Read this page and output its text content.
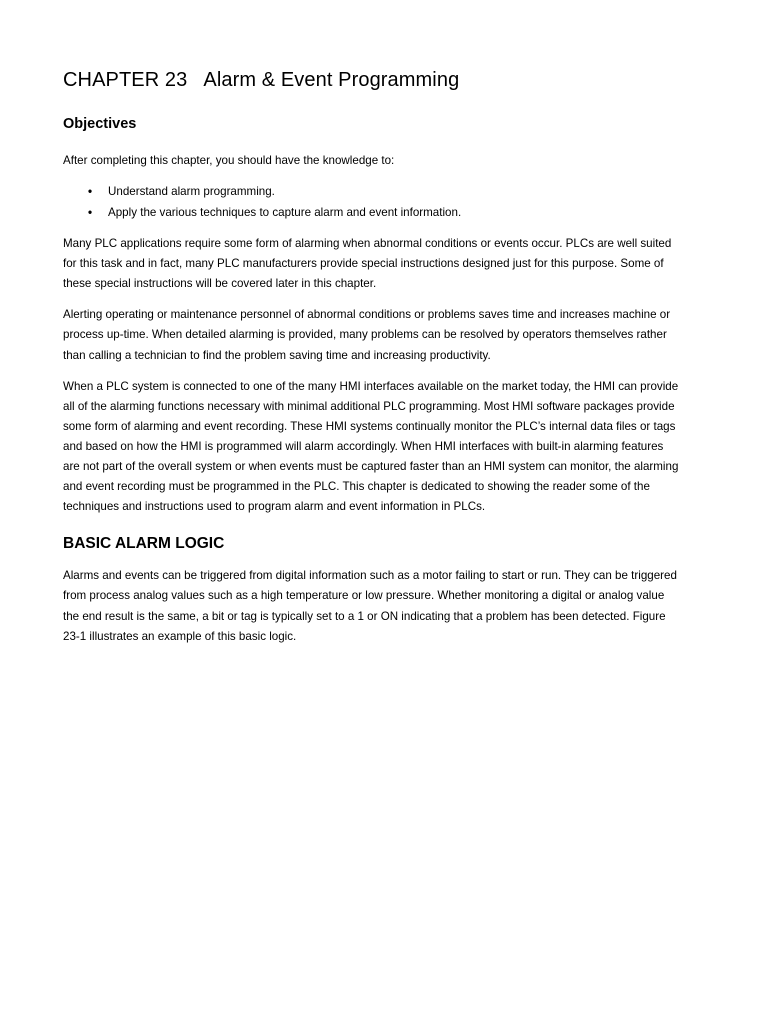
CHAPTER 23 Alarm & Event Programming
Objectives

After completing this chapter, you should have the knowledge to:

•	Understand alarm programming.
•	Apply the various techniques to capture alarm and event information.

Many PLC applications require some form of alarming when abnormal conditions or events occur. PLCs are well suited for this task and in fact, many PLC manufacturers provide special instructions designed just for this purpose. Some of these special instructions will be covered later in this chapter.

Alerting operating or maintenance personnel of abnormal conditions or problems saves time and increases machine or process up-time. When detailed alarming is provided, many problems can be resolved by operators themselves rather than calling a technician to find the problem saving time and increasing productivity.

When a PLC system is connected to one of the many HMI interfaces available on the market today, the HMI can provide all of the alarming functions necessary with minimal additional PLC programming. Most HMI software packages provide some form of alarming and event recording. These HMI systems continually monitor the PLC’s internal data files or tags and based on how the HMI is programmed will alarm accordingly. When HMI interfaces with built-in alarming features are not part of the overall system or when events must be captured faster than an HMI system can monitor, the alarming and event recording must be programmed in the PLC. This chapter is dedicated to showing the reader some of the techniques and instructions used to program alarm and event information in PLCs.

BASIC ALARM LOGIC

Alarms and events can be triggered from digital information such as a motor failing to start or run. They can be triggered from process analog values such as a high temperature or low pressure. Whether monitoring a digital or analog value the end result is the same, a bit or tag is typically set to a 1 or ON indicating that a problem has been detected. Figure 23-1 illustrates an example of this basic logic.
